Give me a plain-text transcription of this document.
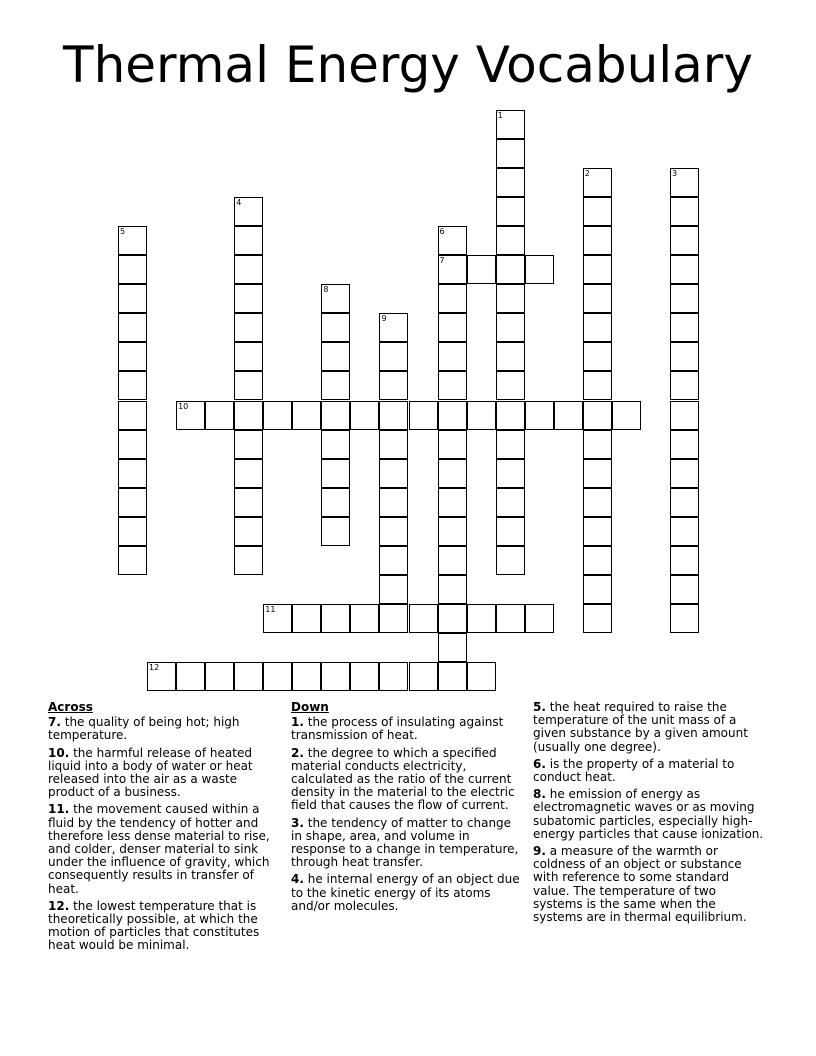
Thermal Energy Vocabulary
1
2	3
4
5	6
7
8
9
10
11
12
Across
7. the quality of being hot; high temperature.
10. the harmful release of heated liquid into a body of water or heat released into the air as a waste product of a business.
11. the movement caused within a fluid by the tendency of hotter and therefore less dense material to rise, and colder, denser material to sink under the influence of gravity, which consequently results in transfer of heat.
12. the lowest temperature that is theoretically possible, at which the motion of particles that constitutes heat would be minimal.
Down
1. the process of insulating against transmission of heat.
2. the degree to which a specified material conducts electricity, calculated as the ratio of the current density in the material to the electric field that causes the flow of current.
3. the tendency of matter to change in shape, area, and volume in response to a change in temperature, through heat transfer.
4. he internal energy of an object due to the kinetic energy of its atoms and/or molecules.
5. the heat required to raise the temperature of the unit mass of a given substance by a given amount (usually one degree).
6. is the property of a material to conduct heat.
8. he emission of energy as electromagnetic waves or as moving subatomic particles, especially high-energy particles that cause ionization.
9. a measure of the warmth or coldness of an object or substance with reference to some standard value. The temperature of two systems is the same when the systems are in thermal equilibrium.
